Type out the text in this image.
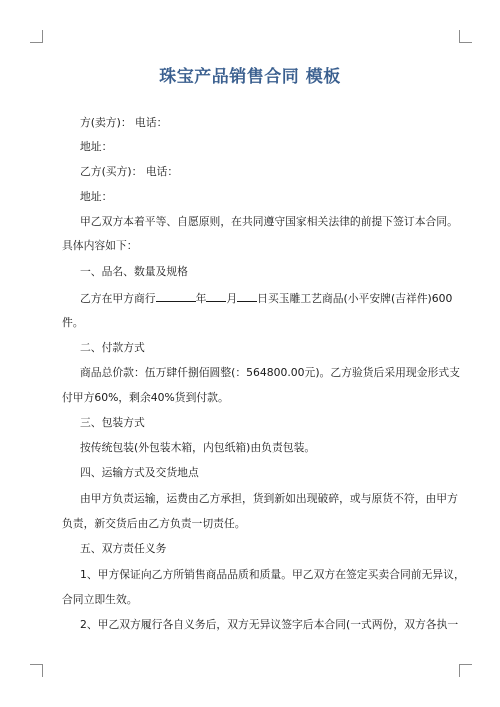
珠宝产品销售合同 模板
方(卖方)： 电话：
地址：
乙方(买方)： 电话：
地址：
甲乙双方本着平等、自愿原则，在共同遵守国家相关法律的前提下签订本合同。
具体内容如下：
一、品名、数量及规格
乙方在甲方商行	年 月 日买玉雕工艺商品(小平安牌(吉祥件)600
件。
二、付款方式
商品总价款：伍万肆仟捌佰圆整(：564800.00元)。乙方验货后采用现金形式支
付甲方60%，剩余40%货到付款。
三、包装方式
按传统包装(外包装木箱，内包纸箱)由负责包装。
四、运输方式及交货地点
由甲方负责运输，运费由乙方承担，货到新如出现破碎，或与原货不符，由甲方
负责，新交货后由乙方负责一切责任。
五、双方责任义务
1、甲方保证向乙方所销售商品品质和质量。甲乙双方在签定买卖合同前无异议，
合同立即生效。
2、甲乙双方履行各自义务后，双方无异议签字后本合同(一式两份，双方各执一
